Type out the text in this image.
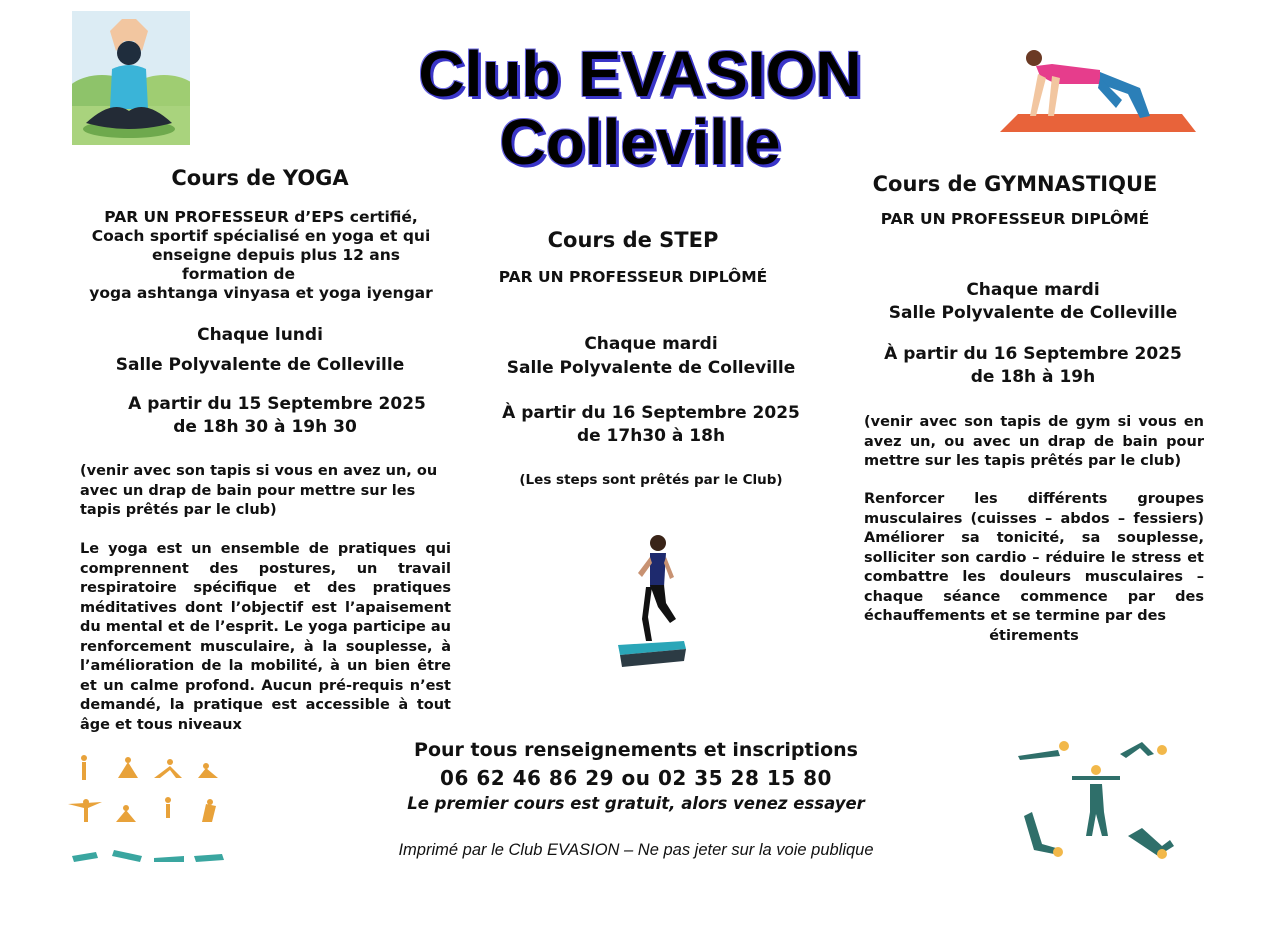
Club EVASION
Colleville
Cours de YOGA
PAR UN PROFESSEUR d’EPS certifié,
Coach sportif spécialisé en yoga et qui
enseigne depuis plus 12 ans
formation de
yoga ashtanga vinyasa et yoga iyengar
Chaque lundi
Salle Polyvalente de Colleville
A partir du 15 Septembre 2025
de 18h 30 à 19h 30
(venir avec son tapis si vous en avez un, ou avec un drap de bain pour mettre sur les tapis prêtés par le club)
Le yoga est un ensemble de pratiques qui comprennent des postures, un travail respiratoire spécifique et des pratiques méditatives dont l’objectif est l’apaisement du mental et de l’esprit. Le yoga participe au renforcement musculaire, à la souplesse, à l’amélioration de la mobilité, à un bien être et un calme profond. Aucun pré-requis n’est demandé, la pratique est accessible à tout âge et tous niveaux
Cours de STEP
PAR UN PROFESSEUR DIPLÔMÉ
Chaque mardi
Salle Polyvalente de Colleville
À partir du 16 Septembre 2025
de 17h30 à 18h
(Les steps sont prêtés par le Club)
Cours de GYMNASTIQUE
PAR UN PROFESSEUR DIPLÔMÉ
Chaque mardi
Salle Polyvalente de Colleville
À partir du 16 Septembre 2025
de 18h à 19h
(venir avec son tapis de gym si vous en avez un, ou avec un drap de bain pour mettre sur les tapis prêtés par le club)
Renforcer les différents groupes musculaires (cuisses – abdos – fessiers) Améliorer sa tonicité, sa souplesse, solliciter son cardio – réduire le stress et combattre les douleurs musculaires – chaque séance commence par des échauffements et se termine par des
étirements
Pour tous renseignements et inscriptions
06 62 46 86 29 ou 02 35 28 15 80
Le premier cours est gratuit, alors venez essayer
Imprimé par le Club EVASION – Ne pas jeter sur la voie publique
